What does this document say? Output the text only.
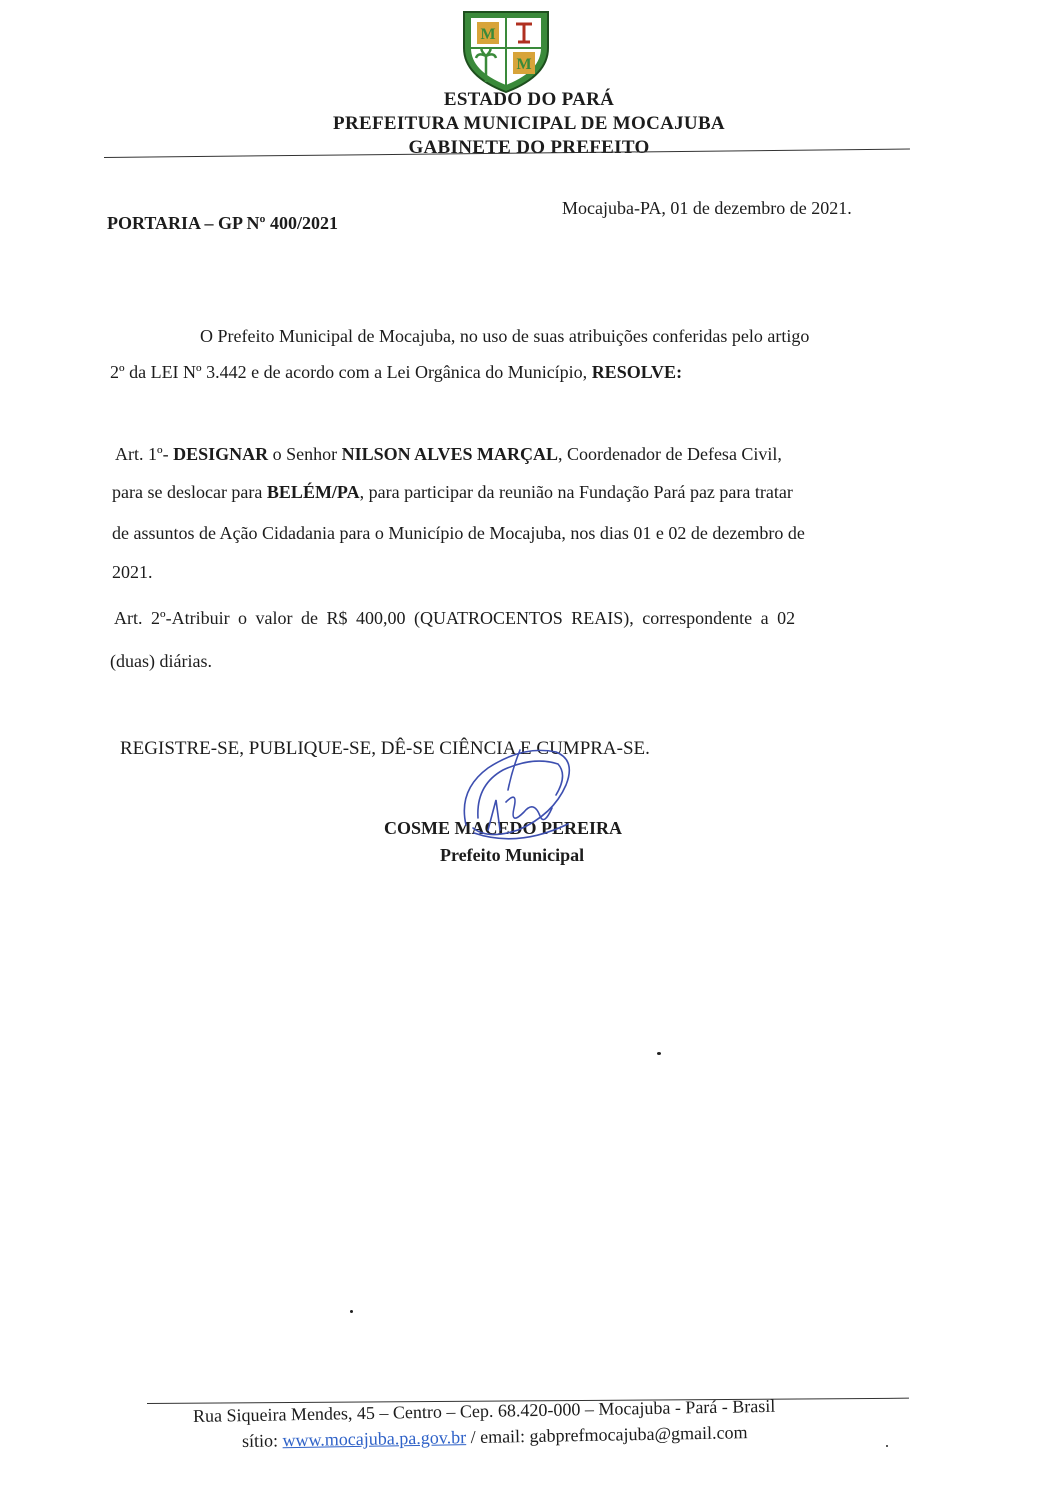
M
M
ESTADO DO PARÁ
PREFEITURA MUNICIPAL DE MOCAJUBA
GABINETE DO PREFEITO
PORTARIA – GP Nº 400/2021
Mocajuba-PA, 01 de dezembro de 2021.
O Prefeito Municipal de Mocajuba, no uso de suas atribuições conferidas pelo artigo
2º da LEI Nº 3.442 e de acordo com a Lei Orgânica do Município, RESOLVE:
Art. 1º- DESIGNAR o Senhor NILSON ALVES MARÇAL, Coordenador de Defesa Civil,
para se deslocar para BELÉM/PA, para participar da reunião na Fundação Pará paz para tratar
de assuntos de Ação Cidadania para o Município de Mocajuba, nos dias 01 e 02 de dezembro de
2021.
Art. 2º-Atribuir o valor de R$ 400,00 (QUATROCENTOS REAIS), correspondente a 02
(duas) diárias.
REGISTRE-SE, PUBLIQUE-SE, DÊ-SE CIÊNCIA E CUMPRA-SE.
COSME MACEDO PEREIRA
Prefeito Municipal
Rua Siqueira Mendes, 45 – Centro – Cep. 68.420-000 – Mocajuba - Pará - Brasil
sítio: www.mocajuba.pa.gov.br / email: gabprefmocajuba@gmail.com
